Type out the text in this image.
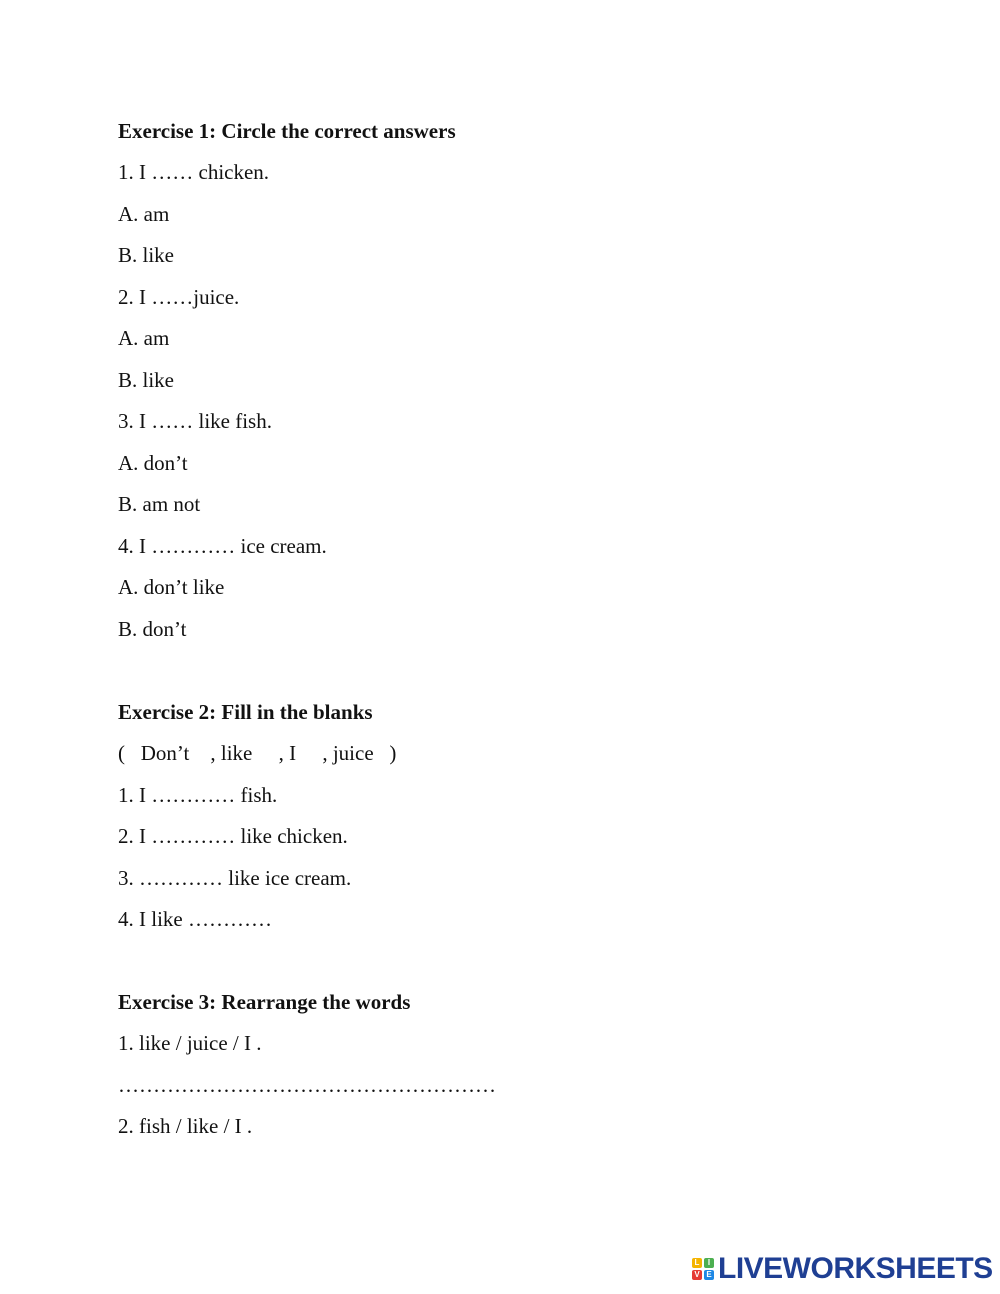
Exercise 1: Circle the correct answers
1. I …… chicken.
A. am
B. like
2. I ……juice.
A. am
B. like
3. I …… like fish.
A. don’t
B. am not
4. I ………… ice cream.
A. don’t like
B. don’t
Exercise 2: Fill in the blanks
(   Don’t    , like     , I     , juice   )
1. I ………… fish.
2. I ………… like chicken.
3. ………… like ice cream.
4. I like …………
Exercise 3: Rearrange the words
1. like / juice / I .
………………………………………………
2. fish / like / I .
L	I
V E LIVEWORKSHEETS
